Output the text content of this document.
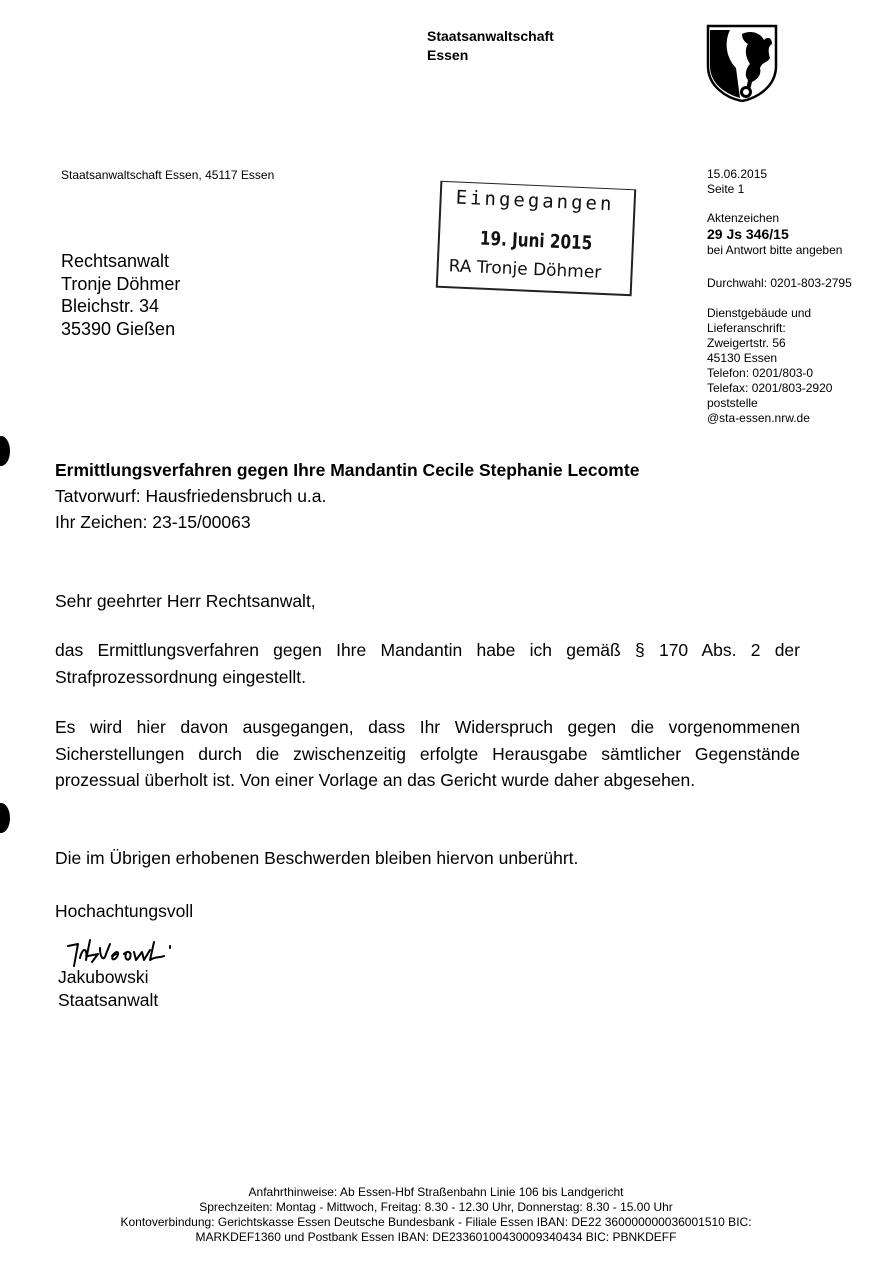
Staatsanwaltschaft
Essen
Staatsanwaltschaft Essen, 45117 Essen	15.06.2015
Seite 1
Aktenzeichen
29 Js 346/15
bei Antwort bitte angeben
Durchwahl: 0201-803-2795
Dienstgebäude und
Lieferanschrift:
Zweigertstr. 56
45130 Essen
Telefon: 0201/803-0
Telefax: 0201/803-2920
poststelle
@sta-essen.nrw.de
Rechtsanwalt
Tronje Döhmer
Bleichstr. 34
35390 Gießen
Eingegangen
19. Juni 2015
RA Tronje Döhmer
Ermittlungsverfahren gegen Ihre Mandantin Cecile Stephanie Lecomte
Tatvorwurf: Hausfriedensbruch u.a.
Ihr Zeichen: 23-15/00063
Sehr geehrter Herr Rechtsanwalt,
das Ermittlungsverfahren gegen Ihre Mandantin habe ich gemäß § 170 Abs. 2 der Strafprozessordnung eingestellt.
Es wird hier davon ausgegangen, dass Ihr Widerspruch gegen die vorgenommenen Sicherstellungen durch die zwischenzeitig erfolgte Herausgabe sämtlicher Gegenstände prozessual überholt ist. Von einer Vorlage an das Gericht wurde daher abgesehen.
Die im Übrigen erhobenen Beschwerden bleiben hiervon unberührt.
Hochachtungsvoll
Jakubowski
Staatsanwalt
Anfahrthinweise: Ab Essen-Hbf Straßenbahn Linie 106 bis Landgericht
Sprechzeiten: Montag - Mittwoch, Freitag: 8.30 - 12.30 Uhr, Donnerstag: 8.30 - 15.00 Uhr
Kontoverbindung: Gerichtskasse Essen Deutsche Bundesbank - Filiale Essen IBAN: DE22 360000000036001510 BIC:
MARKDEF1360 und Postbank Essen IBAN: DE23360100430009340434 BIC: PBNKDEFF
